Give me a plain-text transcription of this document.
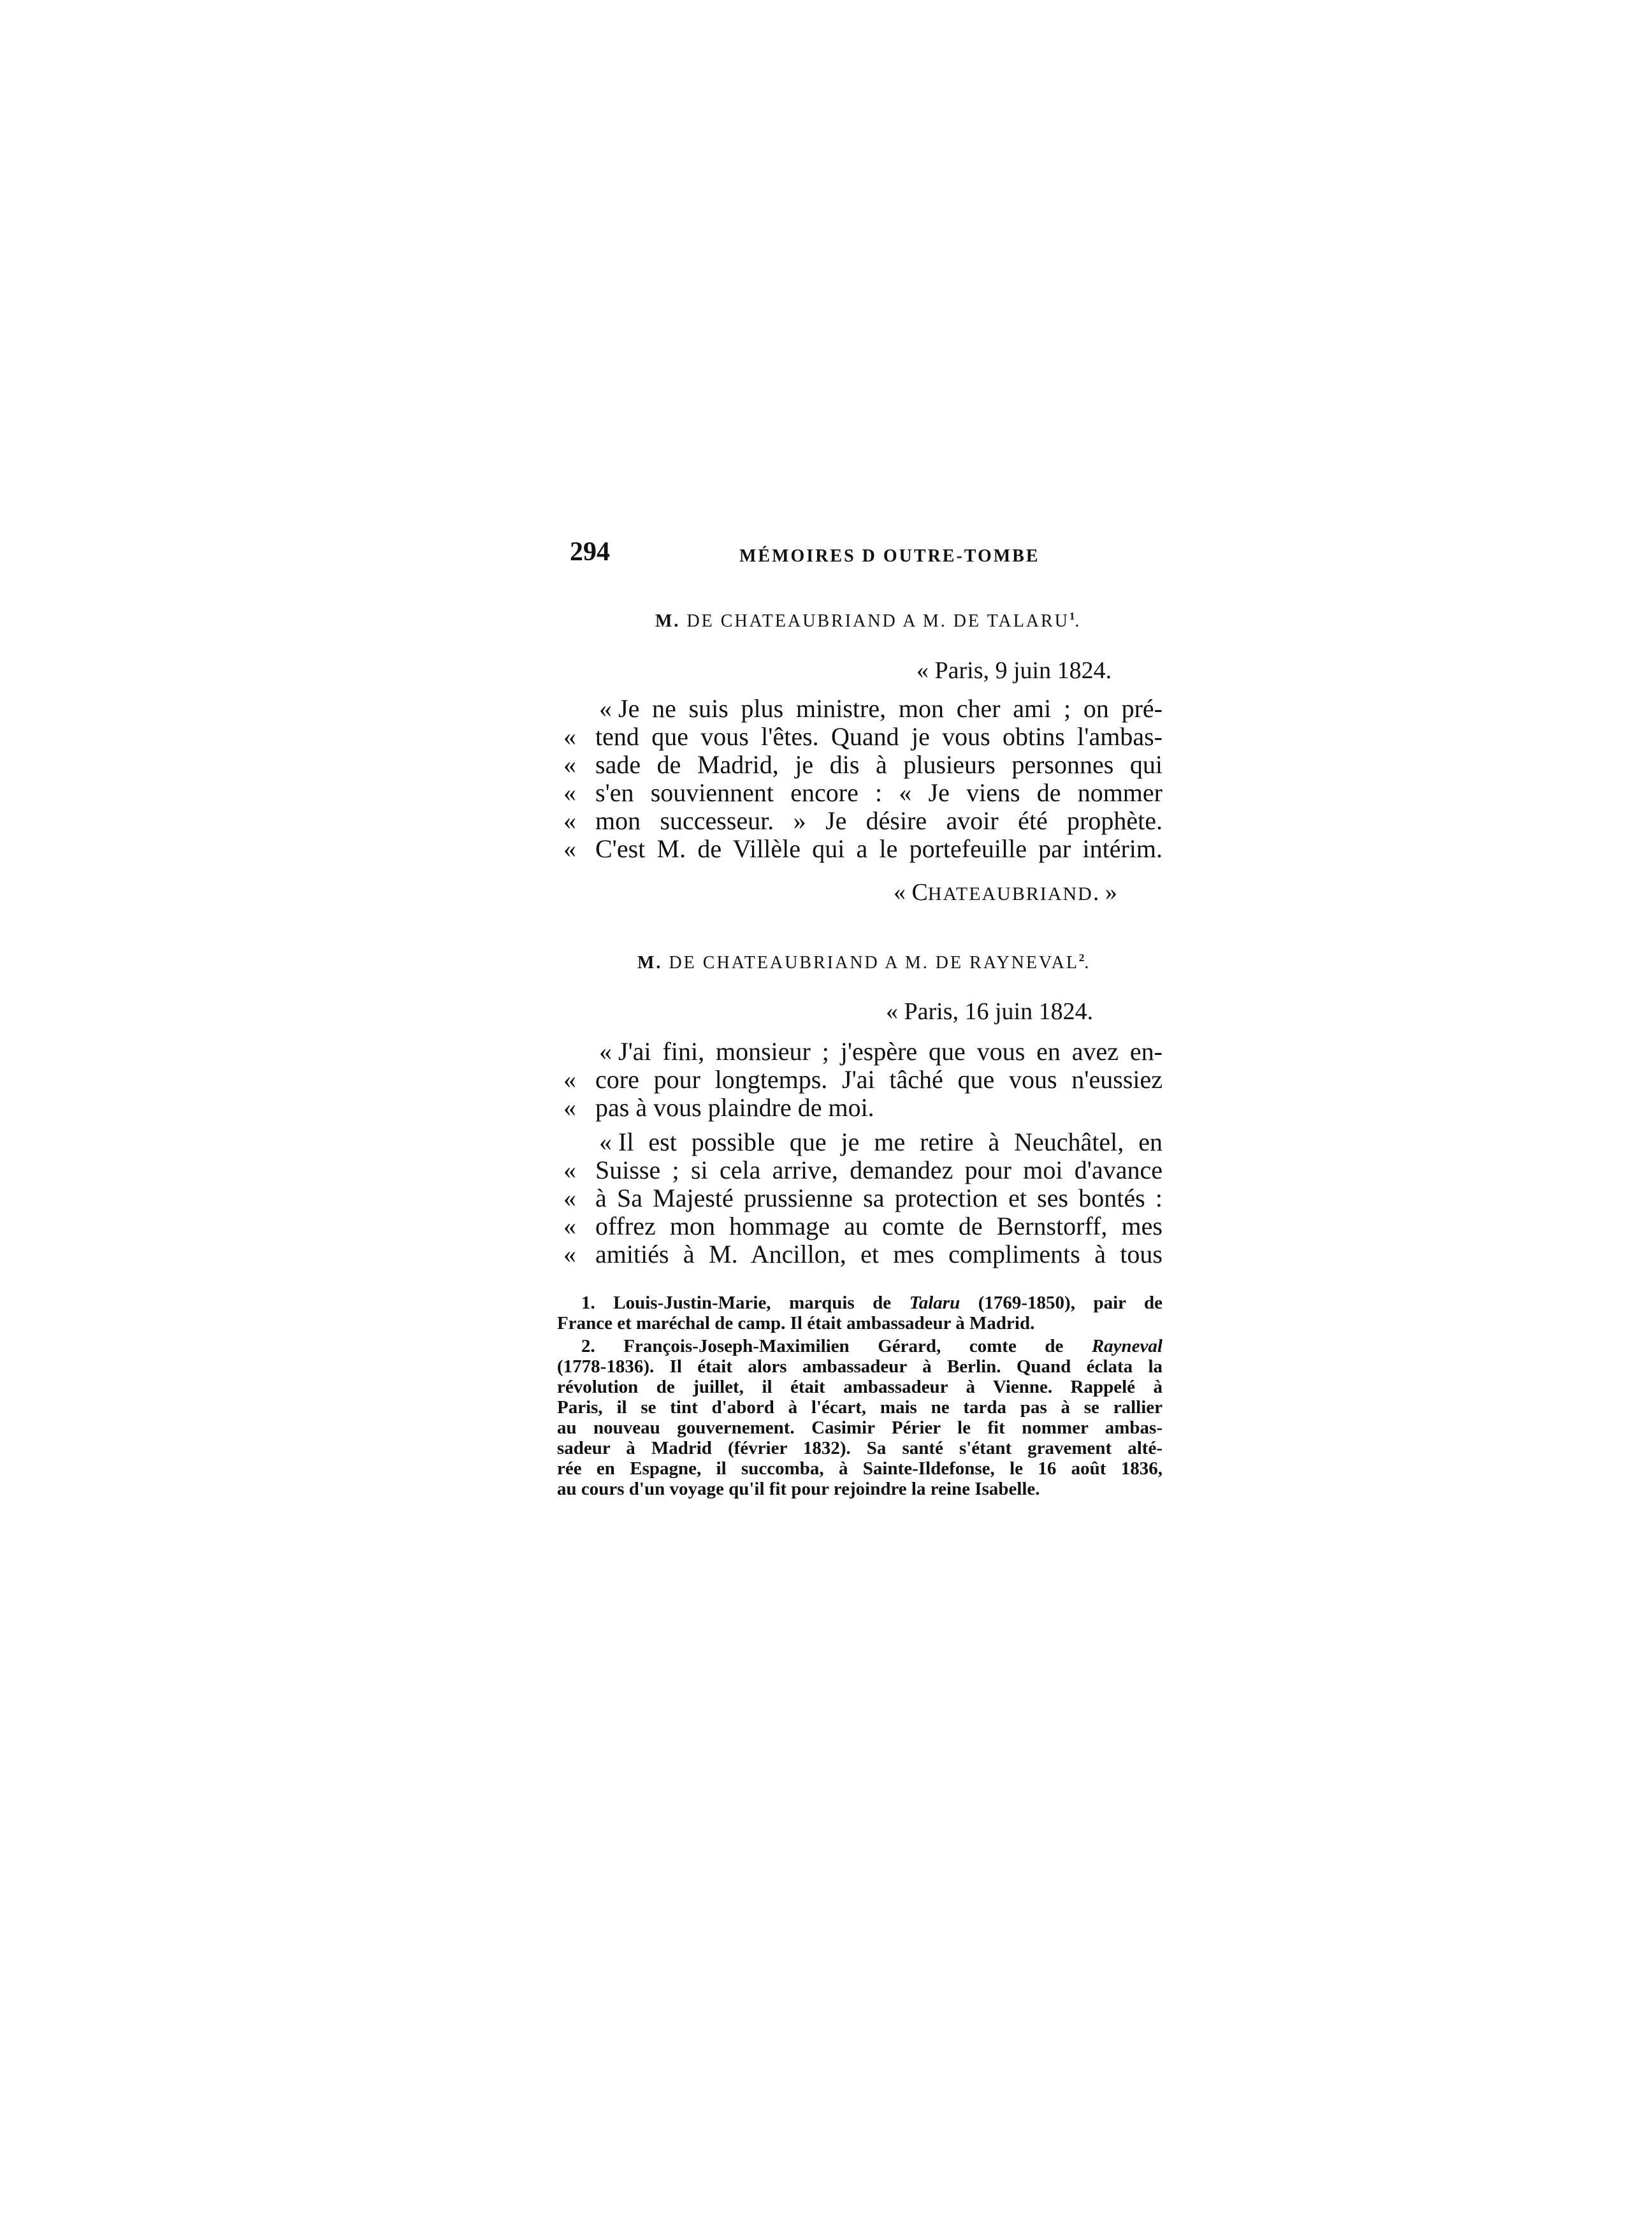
294	MÉMOIRES D OUTRE-TOMBE
M. DE CHATEAUBRIAND A M. DE TALARU$^1$.
« Paris, 9 juin 1824.
« Je ne suis plus ministre, mon cher ami ; on pré-
« tend que vous l'êtes. Quand je vous obtins l'ambas-
« sade de Madrid, je dis à plusieurs personnes qui
« s'en souviennent encore : « Je viens de nommer
« mon successeur. » Je désire avoir été prophète.
« C'est M. de Villèle qui a le portefeuille par intérim.
« CHATEAUBRIAND. »
M. DE CHATEAUBRIAND A M. DE RAYNEVAL$^2$.
« Paris, 16 juin 1824.
« J'ai fini, monsieur ; j'espère que vous en avez en-
« core pour longtemps. J'ai tâché que vous n'eussiez
« pas à vous plaindre de moi.
« Il est possible que je me retire à Neuchâtel, en
« Suisse ; si cela arrive, demandez pour moi d'avance
« à Sa Majesté prussienne sa protection et ses bontés :
« offrez mon hommage au comte de Bernstorff, mes
« amitiés à M. Ancillon, et mes compliments à tous
1. Louis-Justin-Marie, marquis de Talaru (1769-1850), pair de
France et maréchal de camp. Il était ambassadeur à Madrid.
2. François-Joseph-Maximilien Gérard, comte de Rayneval
(1778-1836). Il était alors ambassadeur à Berlin. Quand éclata la
révolution de juillet, il était ambassadeur à Vienne. Rappelé à
Paris, il se tint d'abord à l'écart, mais ne tarda pas à se rallier
au nouveau gouvernement. Casimir Périer le fit nommer ambas-
sadeur à Madrid (février 1832). Sa santé s'étant gravement alté-
rée en Espagne, il succomba, à Sainte-Ildefonse, le 16 août 1836,
au cours d'un voyage qu'il fit pour rejoindre la reine Isabelle.
